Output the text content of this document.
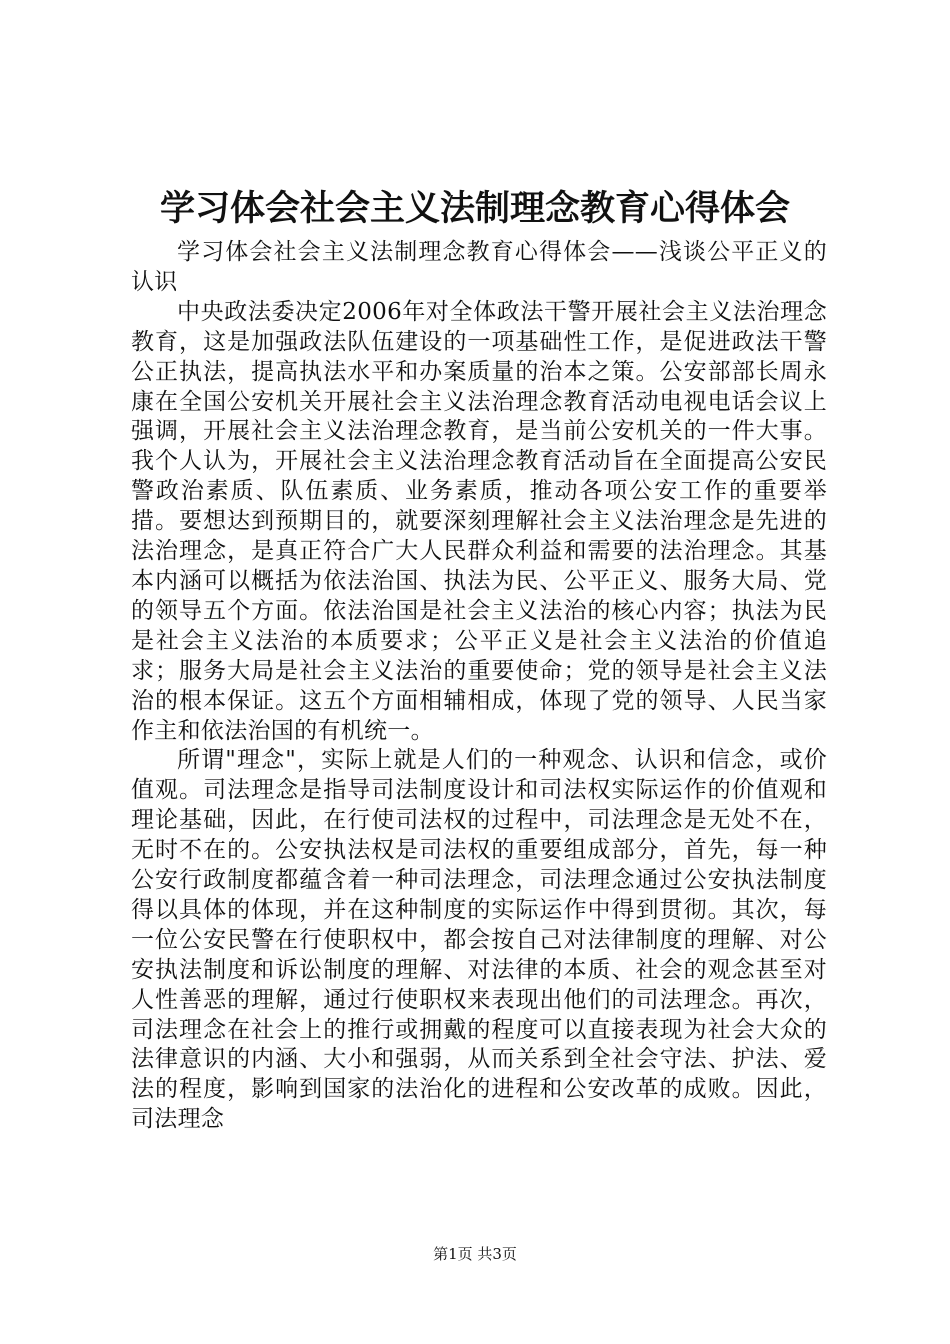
学习体会社会主义法制理念教育心得体会

学习体会社会主义法制理念教育心得体会——浅谈公平正义的认识

中央政法委决定2006年对全体政法干警开展社会主义法治理念教育，这是加强政法队伍建设的一项基础性工作，是促进政法干警公正执法，提高执法水平和办案质量的治本之策。公安部部长周永康在全国公安机关开展社会主义法治理念教育活动电视电话会议上强调，开展社会主义法治理念教育，是当前公安机关的一件大事。我个人认为，开展社会主义法治理念教育活动旨在全面提高公安民警政治素质、队伍素质、业务素质，推动各项公安工作的重要举措。要想达到预期目的，就要深刻理解社会主义法治理念是先进的法治理念，是真正符合广大人民群众利益和需要的法治理念。其基本内涵可以概括为依法治国、执法为民、公平正义、服务大局、党的领导五个方面。依法治国是社会主义法治的核心内容；执法为民是社会主义法治的本质要求；公平正义是社会主义法治的价值追求；服务大局是社会主义法治的重要使命；党的领导是社会主义法治的根本保证。这五个方面相辅相成，体现了党的领导、人民当家作主和依法治国的有机统一。

所谓"理念"，实际上就是人们的一种观念、认识和信念，或价值观。司法理念是指导司法制度设计和司法权实际运作的价值观和理论基础，因此，在行使司法权的过程中，司法理念是无处不在，无时不在的。公安执法权是司法权的重要组成部分，首先，每一种公安行政制度都蕴含着一种司法理念，司法理念通过公安执法制度得以具体的体现，并在这种制度的实际运作中得到贯彻。其次，每一位公安民警在行使职权中，都会按自己对法律制度的理解、对公安执法制度和诉讼制度的理解、对法律的本质、社会的观念甚至对人性善恶的理解，通过行使职权来表现出他们的司法理念。再次，司法理念在社会上的推行或拥戴的程度可以直接表现为社会大众的法律意识的内涵、大小和强弱，从而关系到全社会守法、护法、爱法的程度，影响到国家的法治化的进程和公安改革的成败。因此，司法理念

第1页 共3页
